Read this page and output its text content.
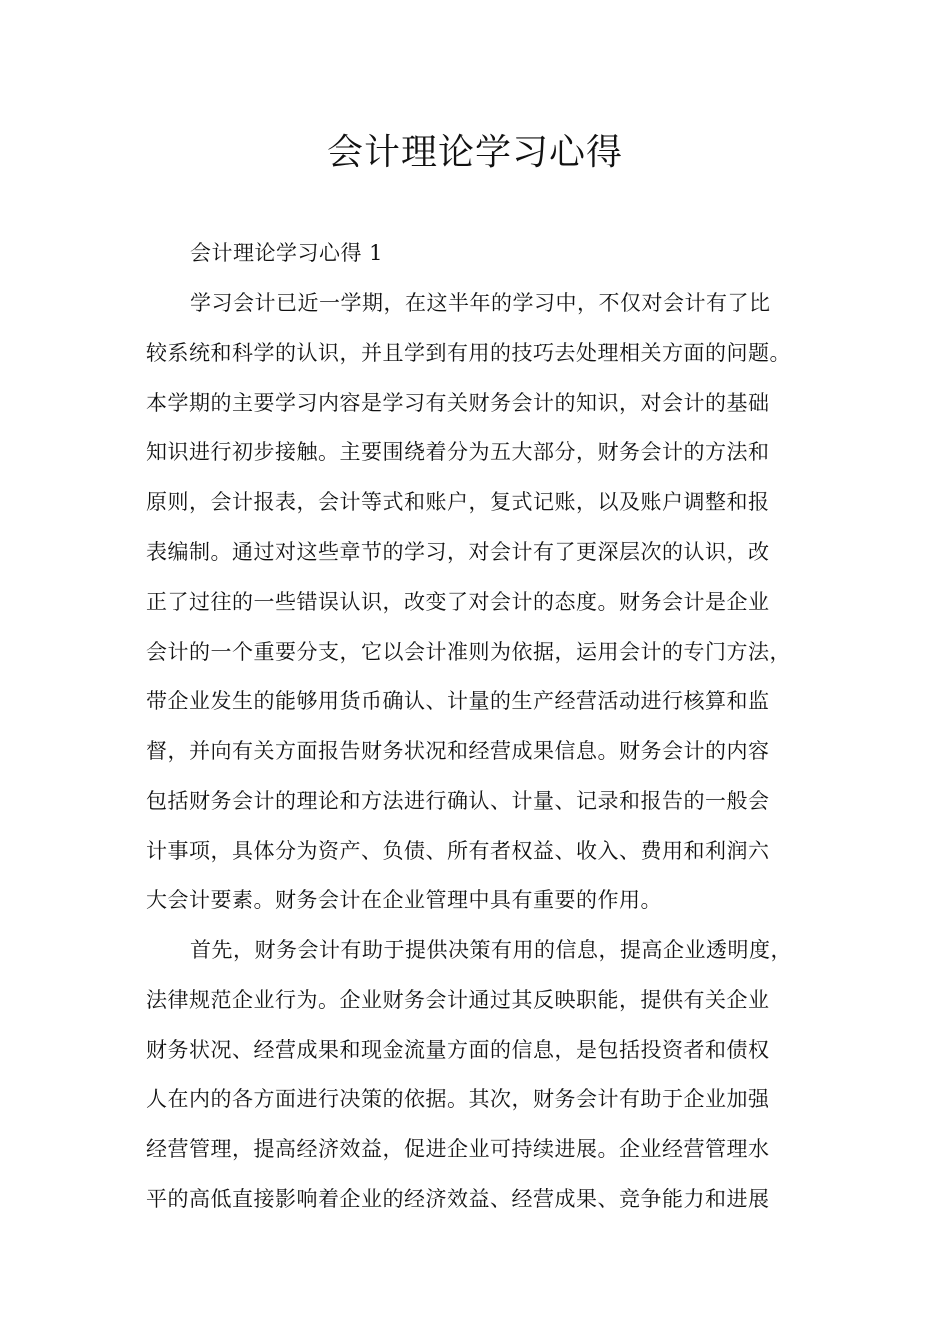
会计理论学习心得
会计理论学习心得 1
学习会计已近一学期，在这半年的学习中，不仅对会计有了比
较系统和科学的认识，并且学到有用的技巧去处理相关方面的问题。
本学期的主要学习内容是学习有关财务会计的知识，对会计的基础
知识进行初步接触。主要围绕着分为五大部分，财务会计的方法和
原则，会计报表，会计等式和账户，复式记账，以及账户调整和报
表编制。通过对这些章节的学习，对会计有了更深层次的认识，改
正了过往的一些错误认识，改变了对会计的态度。财务会计是企业
会计的一个重要分支，它以会计准则为依据，运用会计的专门方法，
带企业发生的能够用货币确认、计量的生产经营活动进行核算和监
督，并向有关方面报告财务状况和经营成果信息。财务会计的内容
包括财务会计的理论和方法进行确认、计量、记录和报告的一般会
计事项，具体分为资产、负债、所有者权益、收入、费用和利润六
大会计要素。财务会计在企业管理中具有重要的作用。
首先，财务会计有助于提供决策有用的信息，提高企业透明度，
法律规范企业行为。企业财务会计通过其反映职能，提供有关企业
财务状况、经营成果和现金流量方面的信息，是包括投资者和债权
人在内的各方面进行决策的依据。其次，财务会计有助于企业加强
经营管理，提高经济效益，促进企业可持续进展。企业经营管理水
平的高低直接影响着企业的经济效益、经营成果、竞争能力和进展
